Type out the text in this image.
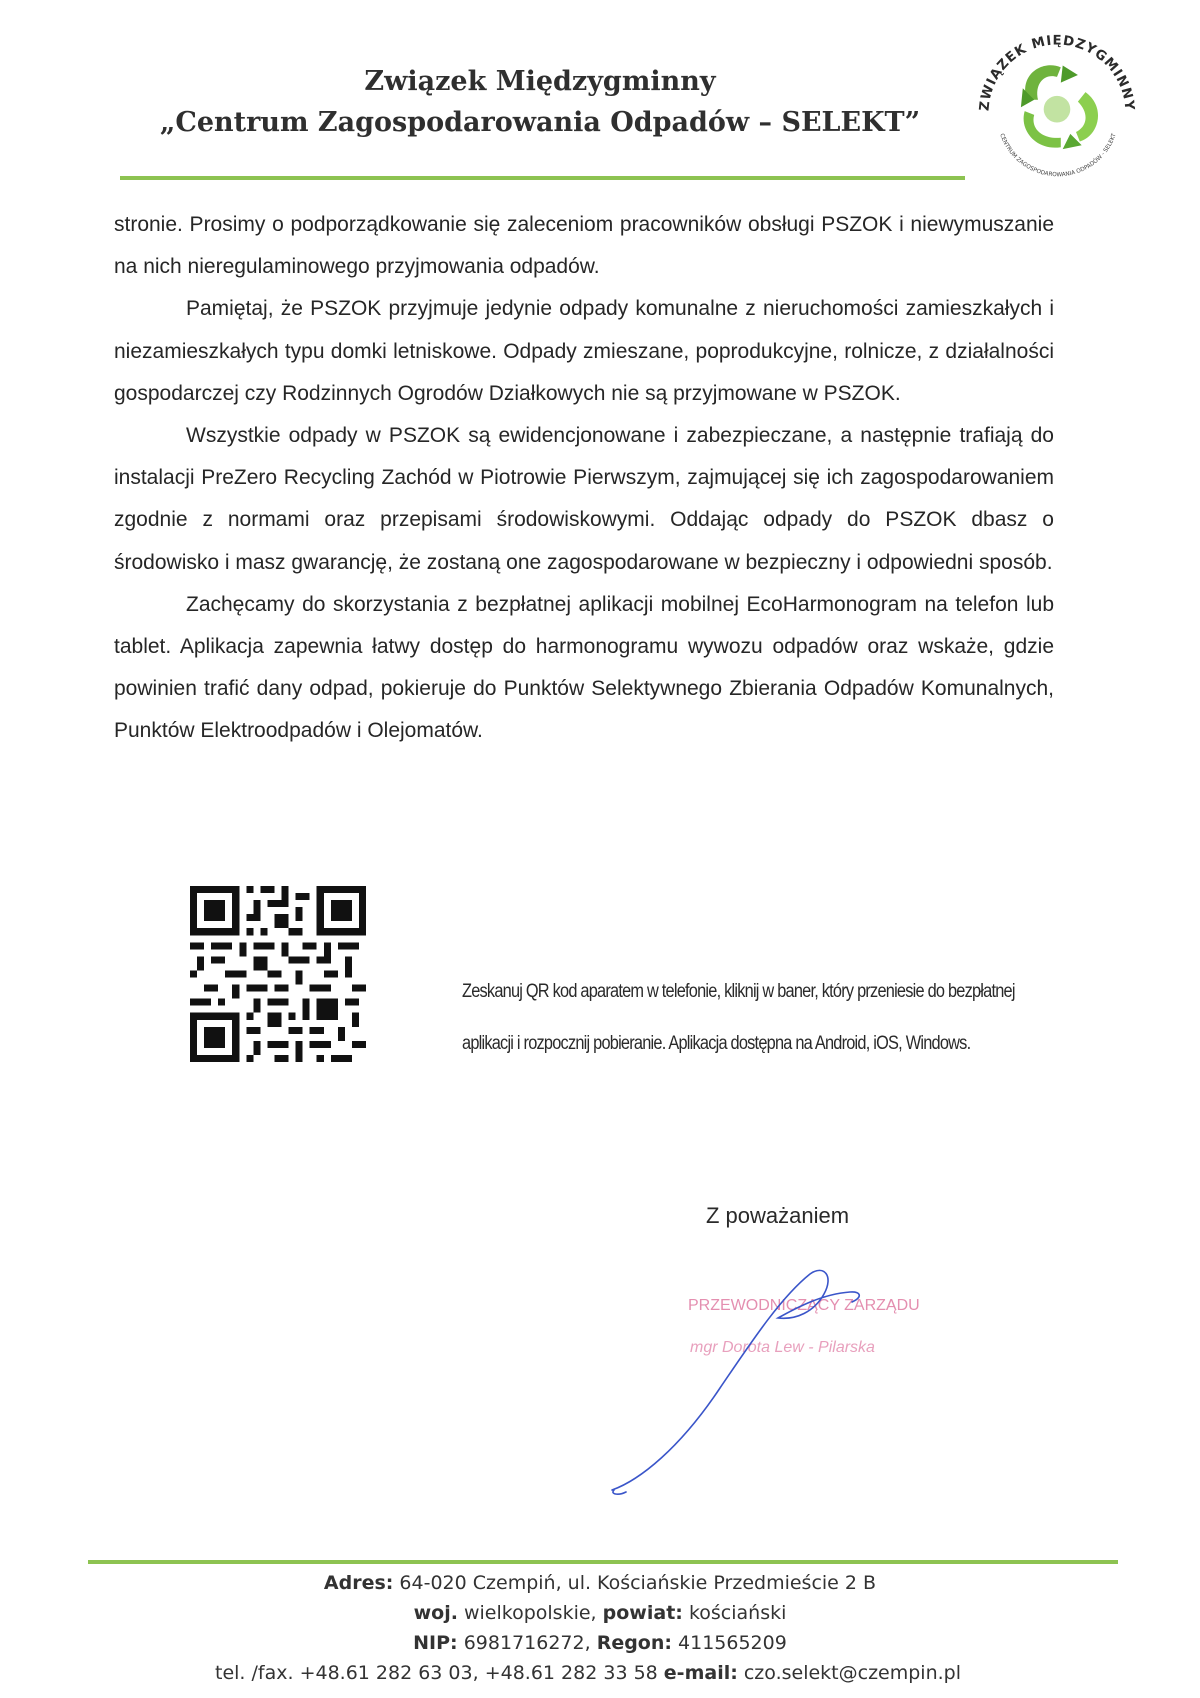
Związek Międzygminny
„Centrum Zagospodarowania Odpadów – SELEKT”
ZWIĄZEK MIĘDZYGMINNY
CENTRUM ZAGOSPODAROWANIA ODPADÓW - SELEKT

stronie. Prosimy o podporządkowanie się zaleceniom pracowników obsługi PSZOK i niewymuszanie na nich nieregulaminowego przyjmowania odpadów.

Pamiętaj, że PSZOK przyjmuje jedynie odpady komunalne z nieruchomości zamieszkałych i niezamieszkałych typu domki letniskowe. Odpady zmieszane, poprodukcyjne, rolnicze, z działalności gospodarczej czy Rodzinnych Ogrodów Działkowych nie są przyjmowane w PSZOK.

Wszystkie odpady w PSZOK są ewidencjonowane i zabezpieczane, a następnie trafiają do instalacji PreZero Recycling Zachód w Piotrowie Pierwszym, zajmującej się ich zagospodarowaniem zgodnie z normami oraz przepisami środowiskowymi. Oddając odpady do PSZOK dbasz o środowisko i masz gwarancję, że zostaną one zagospodarowane w bezpieczny i odpowiedni sposób.

Zachęcamy do skorzystania z bezpłatnej aplikacji mobilnej EcoHarmonogram na telefon lub tablet. Aplikacja zapewnia łatwy dostęp do harmonogramu wywozu odpadów oraz wskaże, gdzie powinien trafić dany odpad, pokieruje do Punktów Selektywnego Zbierania Odpadów Komunalnych, Punktów Elektroodpadów i Olejomatów.

Zeskanuj QR kod aparatem w telefonie, kliknij w baner, który przeniesie do bezpłatnej
aplikacji i rozpocznij pobieranie. Aplikacja dostępna na Android, iOS, Windows.
Z poważaniem
PRZEWODNICZĄCY ZARZĄDU
mgr Dorota Lew - Pilarska
Adres: 64-020 Czempiń, ul. Kościańskie Przedmieście 2 B
woj. wielkopolskie, powiat: kościański
NIP: 6981716272, Regon: 411565209
tel. /fax. +48.61 282 63 03, +48.61 282 33 58 e-mail: czo.selekt@czempin.pl
